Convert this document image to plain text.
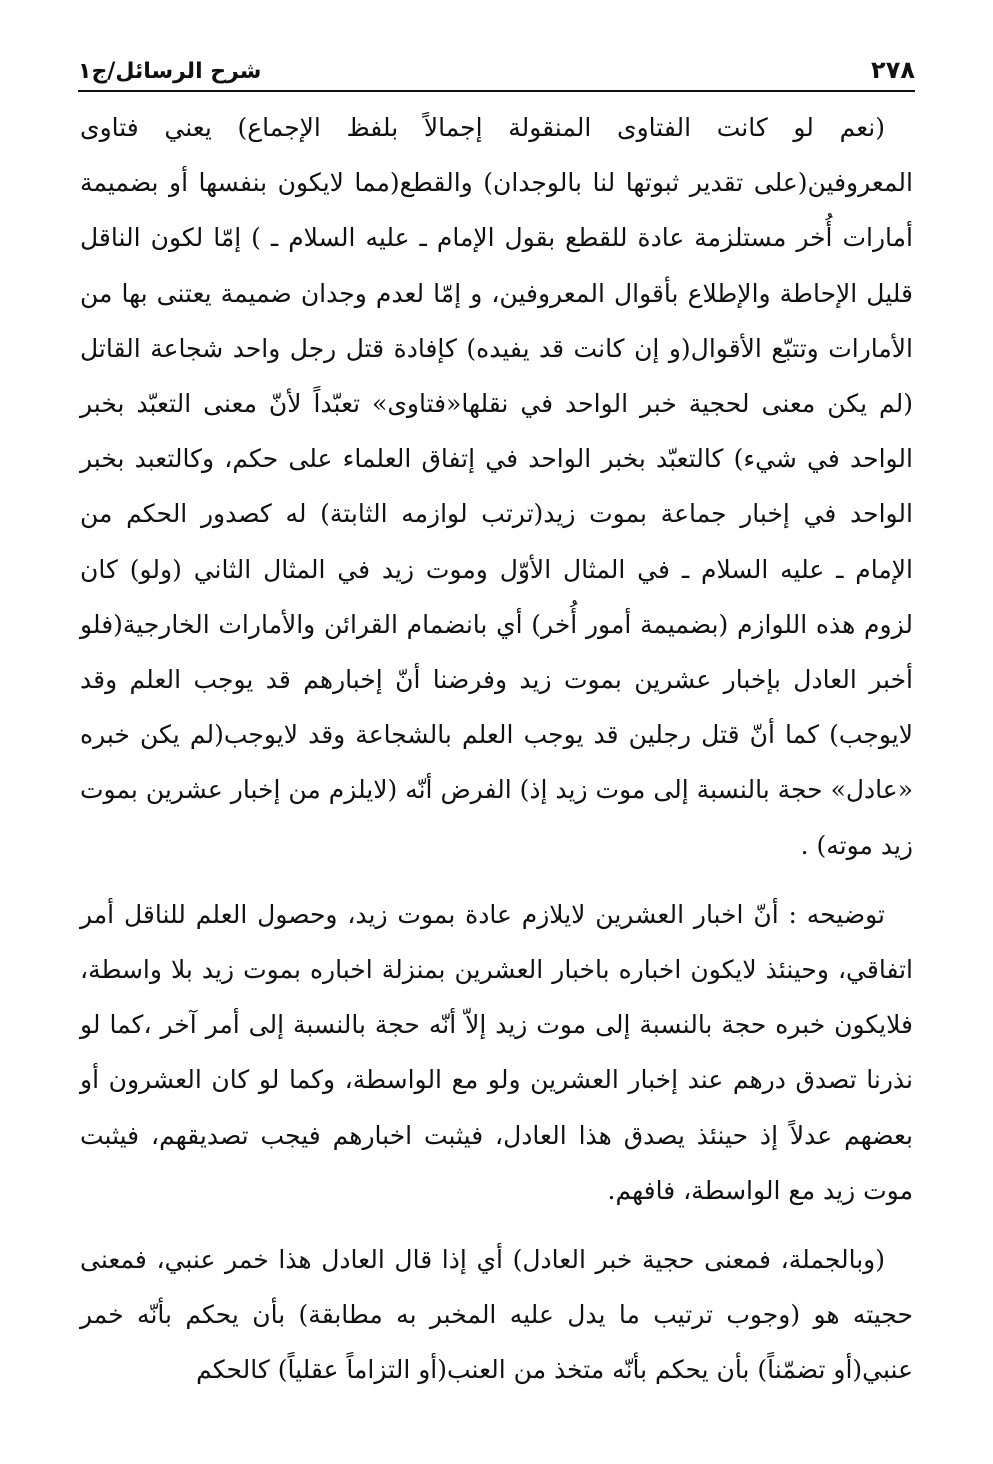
٢٧٨
شرح الرسائل/ج١

(نعم لو كانت الفتاوى المنقولة إجمالاً بلفظ الإجماع) يعني فتاوى المعروفين(على تقدير ثبوتها لنا بالوجدان) والقطع(مما لايكون بنفسها أو بضميمة أمارات أُخر مستلزمة عادة للقطع بقول الإمام ـ عليه السلام ـ ) إمّا لكون الناقل قليل الإحاطة والإطلاع بأقوال المعروفين، و إمّا لعدم وجدان ضميمة يعتنى بها من الأمارات وتتبّع الأقوال(و إن كانت قد يفيده) كإفادة قتل رجل واحد شجاعة القاتل (لم يكن معنى لحجية خبر الواحد في نقلها«فتاوى» تعبّداً لأنّ معنى التعبّد بخبر الواحد في شيء) كالتعبّد بخبر الواحد في إتفاق العلماء على حكم، وكالتعبد بخبر الواحد في إخبار جماعة بموت زيد(ترتب لوازمه الثابتة) له كصدور الحكم من الإمام ـ عليه السلام ـ في المثال الأوّل وموت زيد في المثال الثاني (ولو) كان لزوم هذه اللوازم (بضميمة أمور أُخر) أي بانضمام القرائن والأمارات الخارجية(فلو أخبر العادل بإخبار عشرين بموت زيد وفرضنا أنّ إخبارهم قد يوجب العلم وقد لايوجب) كما أنّ قتل رجلين قد يوجب العلم بالشجاعة وقد لايوجب(لم يكن خبره «عادل» حجة بالنسبة إلى موت زيد إذ) الفرض أنّه (لايلزم من إخبار عشرين بموت زيد موته) .

توضيحه : أنّ اخبار العشرين لايلازم عادة بموت زيد، وحصول العلم للناقل أمر اتفاقي، وحينئذ لايكون اخباره باخبار العشرين بمنزلة اخباره بموت زيد بلا واسطة، فلايكون خبره حجة بالنسبة إلى موت زيد إلاّ أنّه حجة بالنسبة إلى أمر آخر ،كما لو نذرنا تصدق درهم عند إخبار العشرين ولو مع الواسطة، وكما لو كان العشرون أو بعضهم عدلاً إذ حينئذ يصدق هذا العادل، فيثبت اخبارهم فيجب تصديقهم، فيثبت موت زيد مع الواسطة، فافهم.

(وبالجملة، فمعنى حجية خبر العادل) أي إذا قال العادل هذا خمر عنبي، فمعنى حجيته هو (وجوب ترتيب ما يدل عليه المخبر به مطابقة) بأن يحكم بأنّه خمر عنبي(أو تضمّناً) بأن يحكم بأنّه متخذ من العنب(أو التزاماً عقلياً) كالحكم
